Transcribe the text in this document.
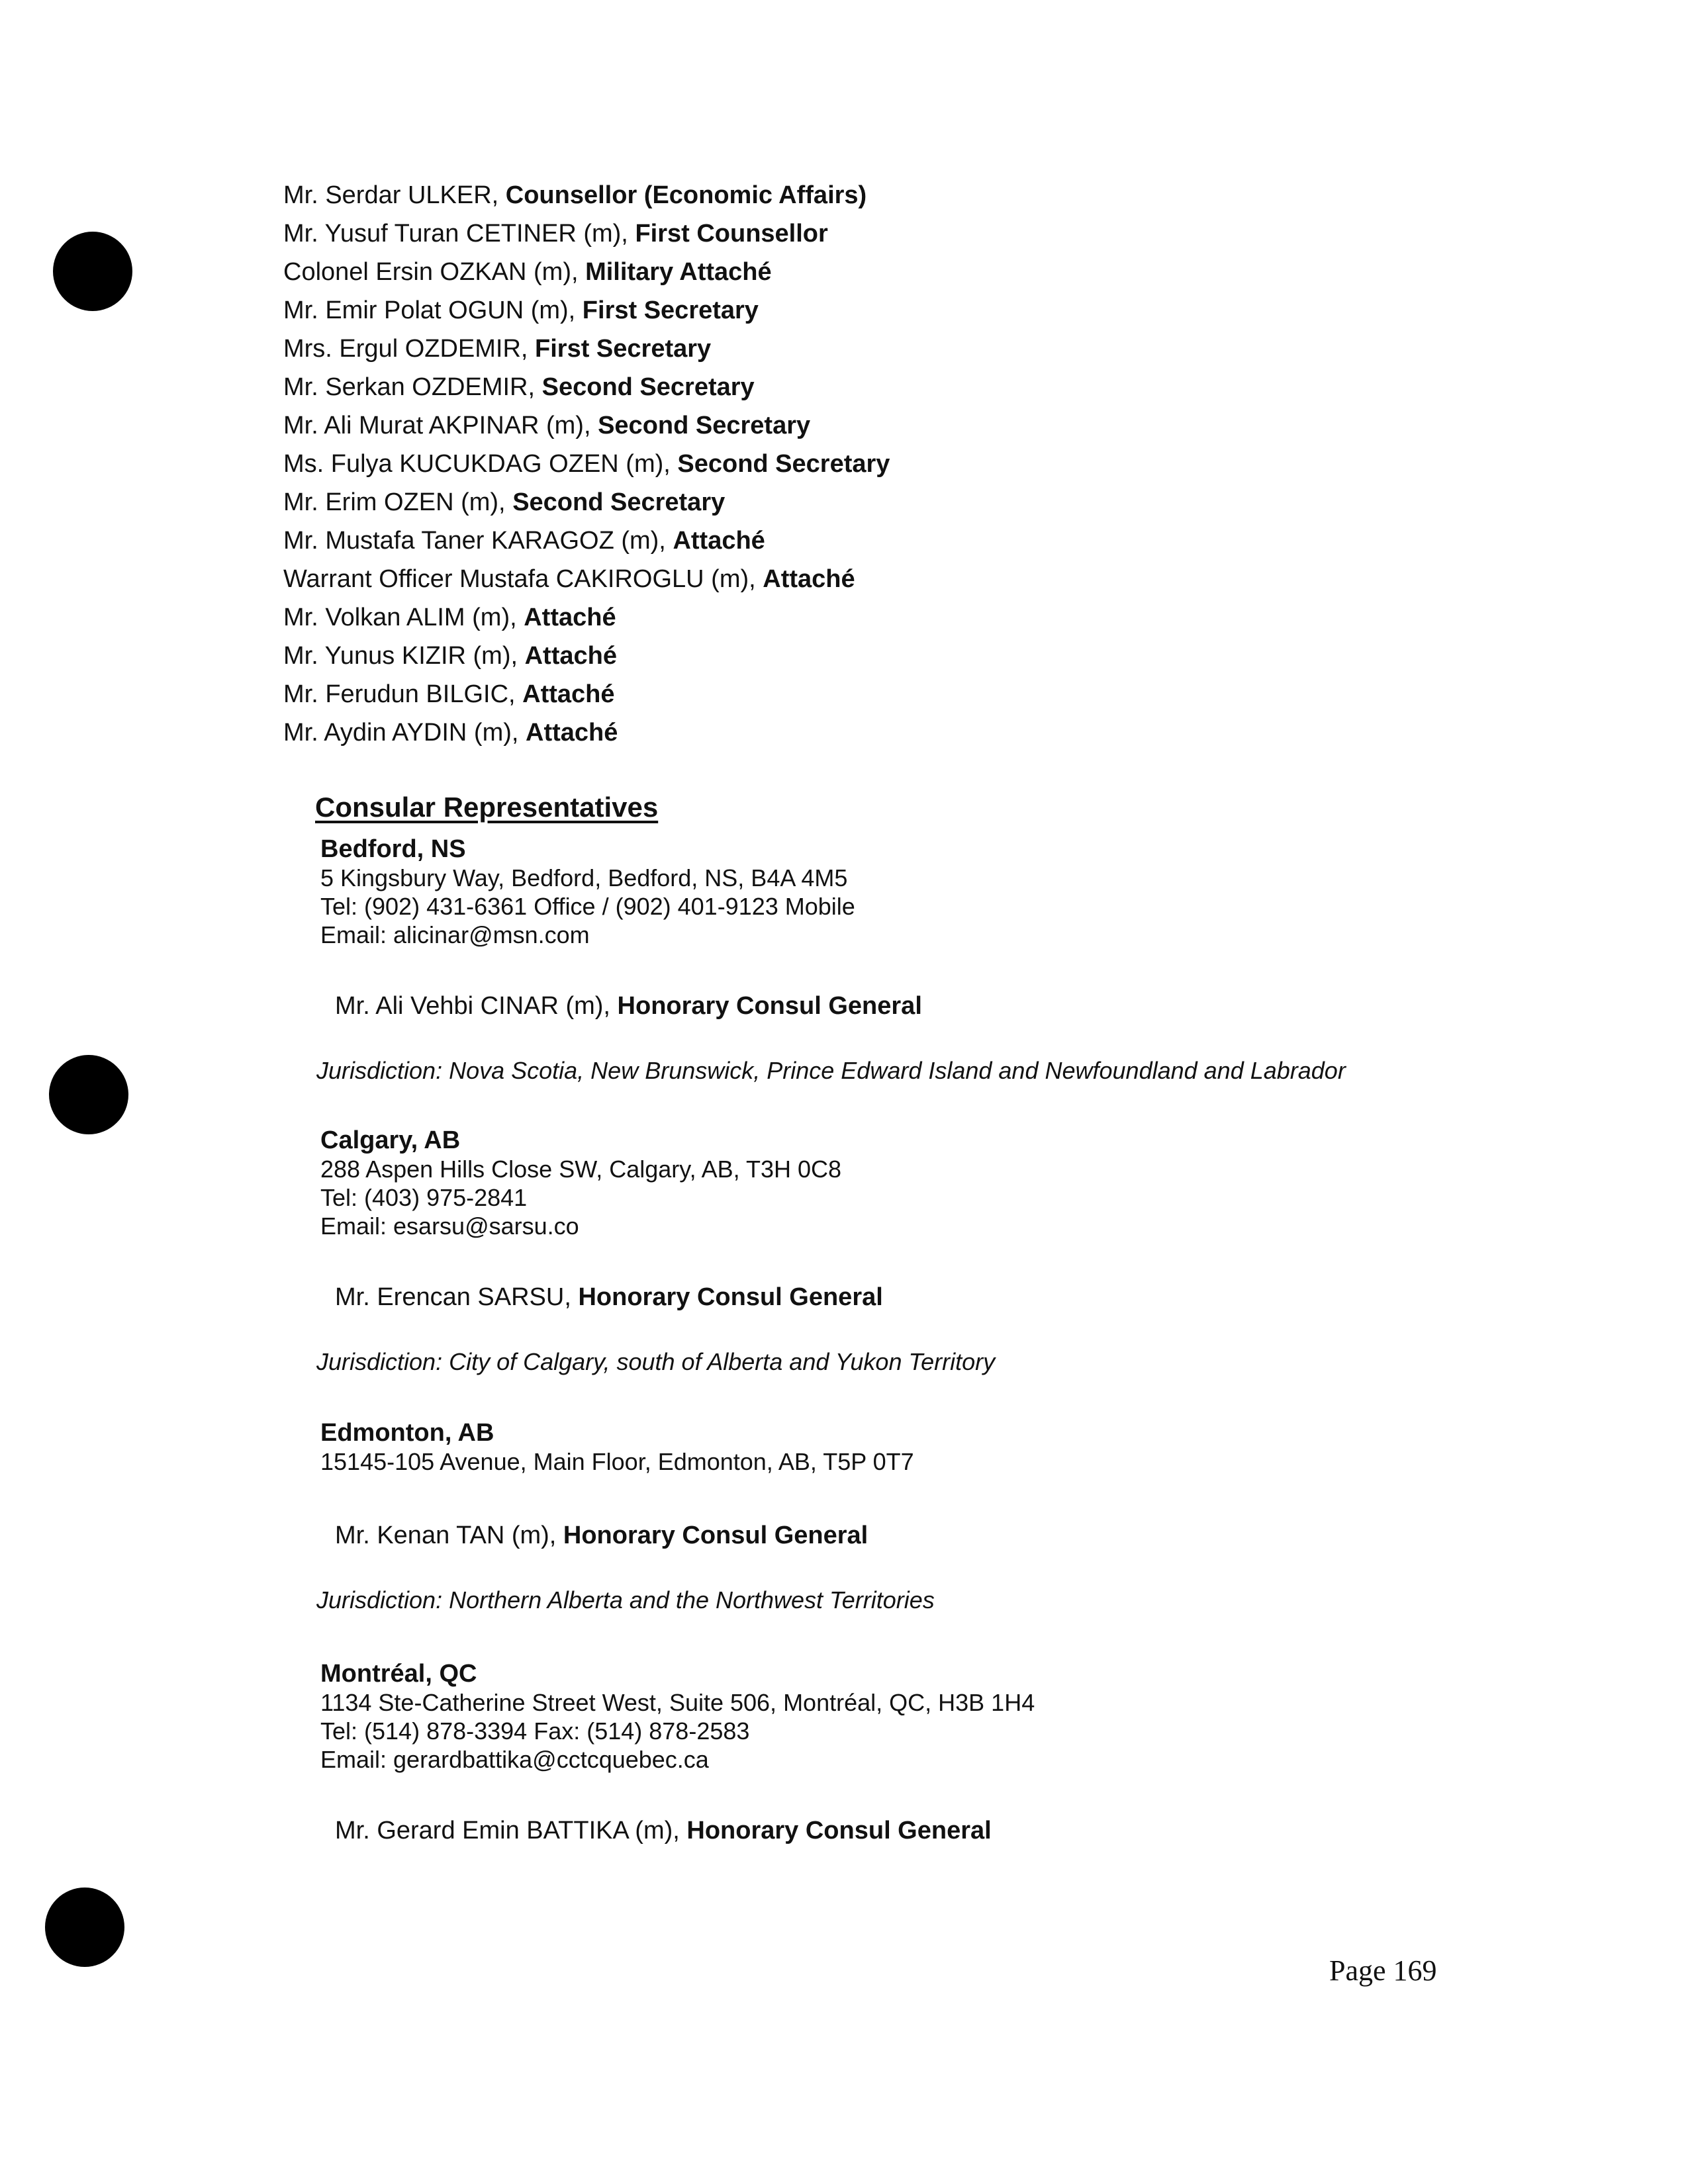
Mr. Serdar ULKER, Counsellor (Economic Affairs)
Mr. Yusuf Turan CETINER (m), First Counsellor
Colonel Ersin OZKAN (m), Military Attaché
Mr. Emir Polat OGUN (m), First Secretary
Mrs. Ergul OZDEMIR, First Secretary
Mr. Serkan OZDEMIR, Second Secretary
Mr. Ali Murat AKPINAR (m), Second Secretary
Ms. Fulya KUCUKDAG OZEN (m), Second Secretary
Mr. Erim OZEN (m), Second Secretary
Mr. Mustafa Taner KARAGOZ (m), Attaché
Warrant Officer Mustafa CAKIROGLU (m), Attaché
Mr. Volkan ALIM (m), Attaché
Mr. Yunus KIZIR (m), Attaché
Mr. Ferudun BILGIC, Attaché
Mr. Aydin AYDIN (m), Attaché
Consular Representatives
Bedford, NS
5 Kingsbury Way, Bedford, Bedford, NS, B4A 4M5
Tel: (902) 431-6361 Office / (902) 401-9123 Mobile
Email: alicinar@msn.com
Mr. Ali Vehbi CINAR (m), Honorary Consul General
Jurisdiction: Nova Scotia, New Brunswick, Prince Edward Island and Newfoundland and Labrador
Calgary, AB
288 Aspen Hills Close SW, Calgary, AB, T3H 0C8
Tel: (403) 975-2841
Email: esarsu@sarsu.co
Mr. Erencan SARSU, Honorary Consul General
Jurisdiction: City of Calgary, south of Alberta and Yukon Territory
Edmonton, AB
15145-105 Avenue, Main Floor, Edmonton, AB, T5P 0T7
Mr. Kenan TAN (m), Honorary Consul General
Jurisdiction: Northern Alberta and the Northwest Territories
Montréal, QC
1134 Ste-Catherine Street West, Suite 506, Montréal, QC, H3B 1H4
Tel: (514) 878-3394 Fax: (514) 878-2583
Email: gerardbattika@cctcquebec.ca
Mr. Gerard Emin BATTIKA (m), Honorary Consul General
Page 169
